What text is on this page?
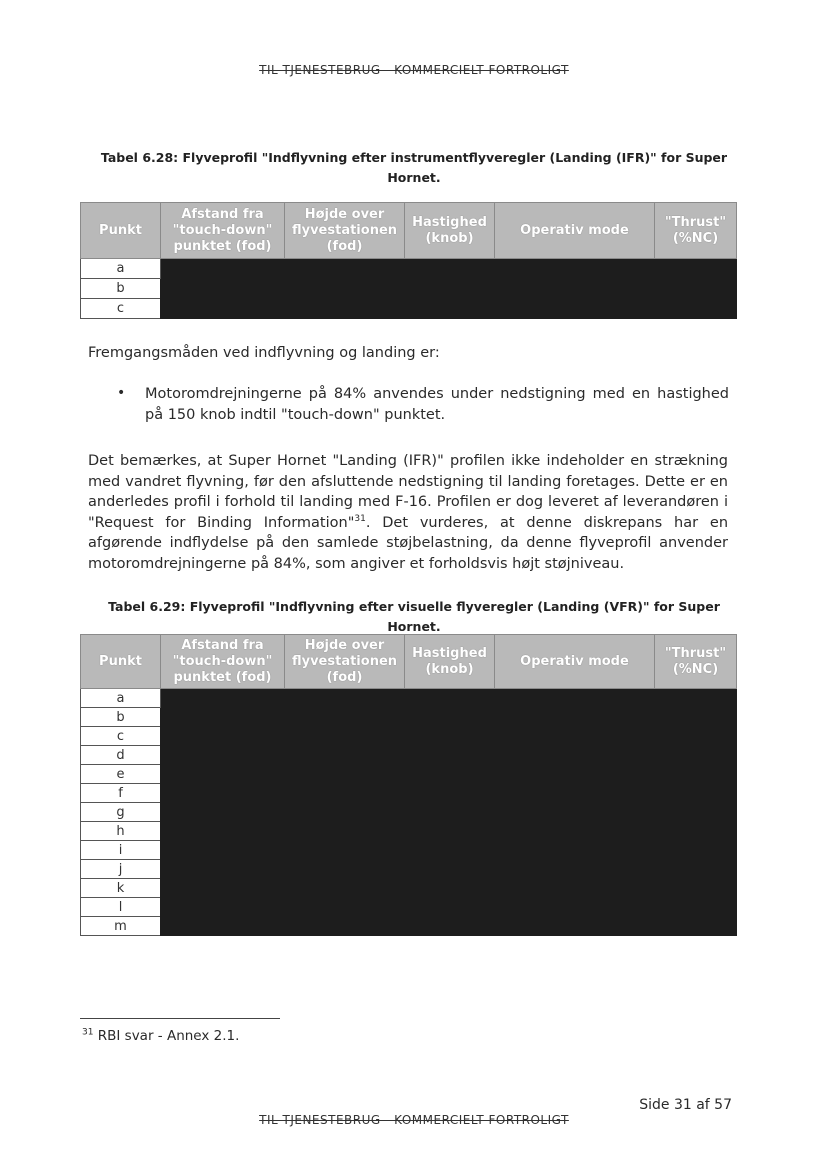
TIL TJENESTEBRUG - KOMMERCIELT FORTROLIGT
Tabel 6.28: Flyveprofil "Indflyvning efter instrumentflyveregler (Landing (IFR)" for Super Hornet.
Punkt	Afstand fra "touch-down" punktet (fod)	Højde over flyvestationen (fod)	Hastighed (knob)	Operativ mode	"Thrust" (%NC)
a					
b					
c					
Fremgangsmåden ved indflyvning og landing er:
• Motoromdrejningerne på 84% anvendes under nedstigning med en hastighed på 150 knob indtil "touch-down" punktet.
Det bemærkes, at Super Hornet "Landing (IFR)" profilen ikke indeholder en strækning med vandret flyvning, før den afsluttende nedstigning til landing foretages. Dette er en anderledes profil i forhold til landing med F-16. Profilen er dog leveret af leverandøren i "Request for Binding Information"$^{31}$. Det vurderes, at denne diskrepans har en afgørende indflydelse på den samlede støjbelastning, da denne flyveprofil anvender motoromdrejningerne på 84%, som angiver et forholdsvis højt støjniveau.
Tabel 6.29: Flyveprofil "Indflyvning efter visuelle flyveregler (Landing (VFR)" for Super Hornet.
Punkt	Afstand fra "touch-down" punktet (fod)	Højde over flyvestationen (fod)	Hastighed (knob)	Operativ mode	"Thrust" (%NC)
a					
b					
c					
d					
e					
f					
g					
h					
i					
j					
k					
l					
m					
$^{31}$ RBI svar - Annex 2.1.
Side 31 af 57
TIL TJENESTEBRUG - KOMMERCIELT FORTROLIGT
